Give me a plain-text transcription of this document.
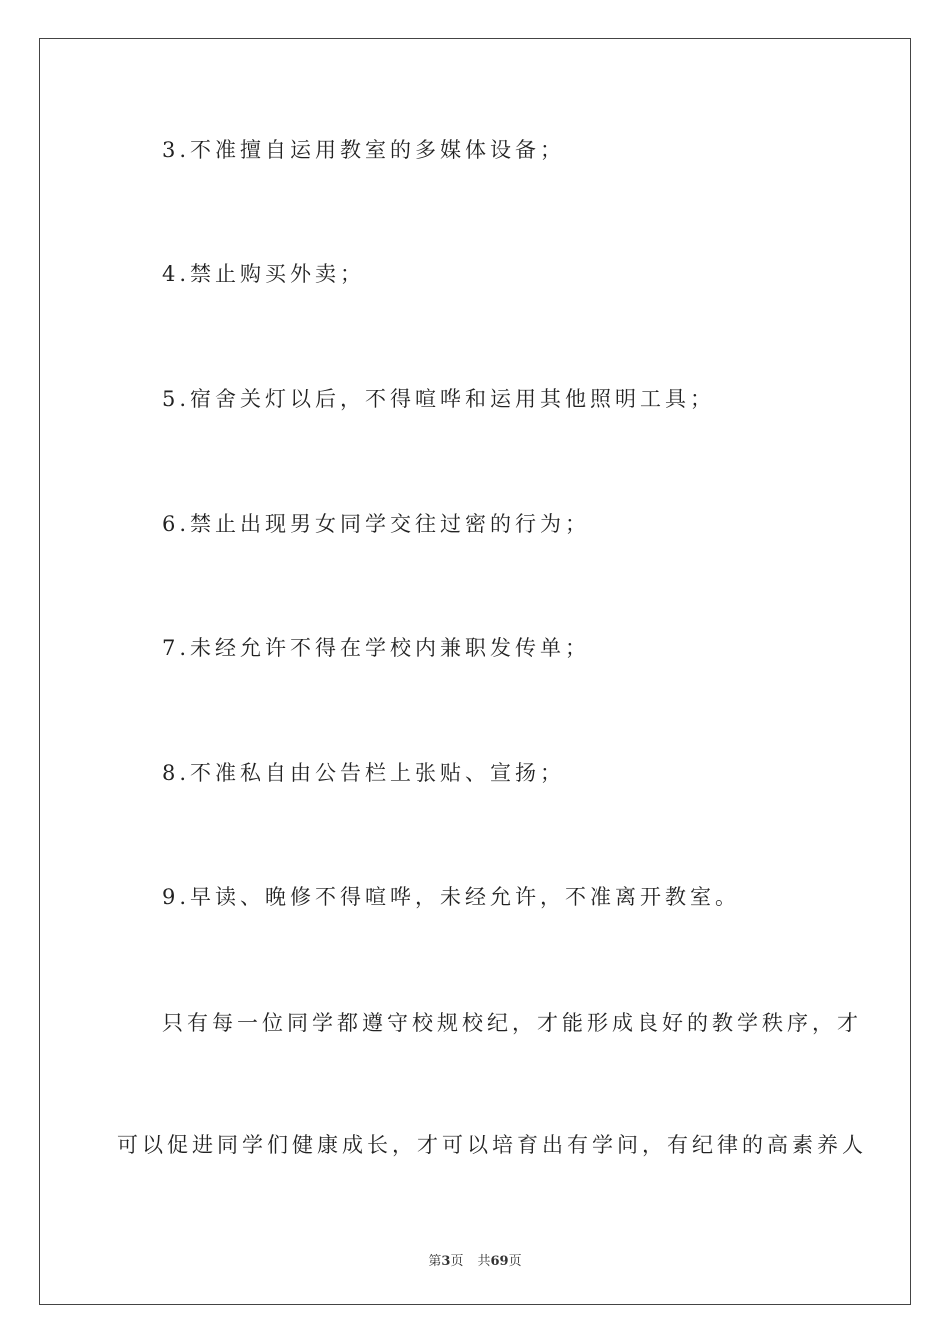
3.不准擅自运用教室的多媒体设备；
4.禁止购买外卖；
5.宿舍关灯以后，不得喧哗和运用其他照明工具；
6.禁止出现男女同学交往过密的行为；
7.未经允许不得在学校内兼职发传单；
8.不准私自由公告栏上张贴、宣扬；
9.早读、晚修不得喧哗，未经允许，不准离开教室。
只有每一位同学都遵守校规校纪，才能形成良好的教学秩序，才
可以促进同学们健康成长，才可以培育出有学问，有纪律的高素养人
第3页 共69页
